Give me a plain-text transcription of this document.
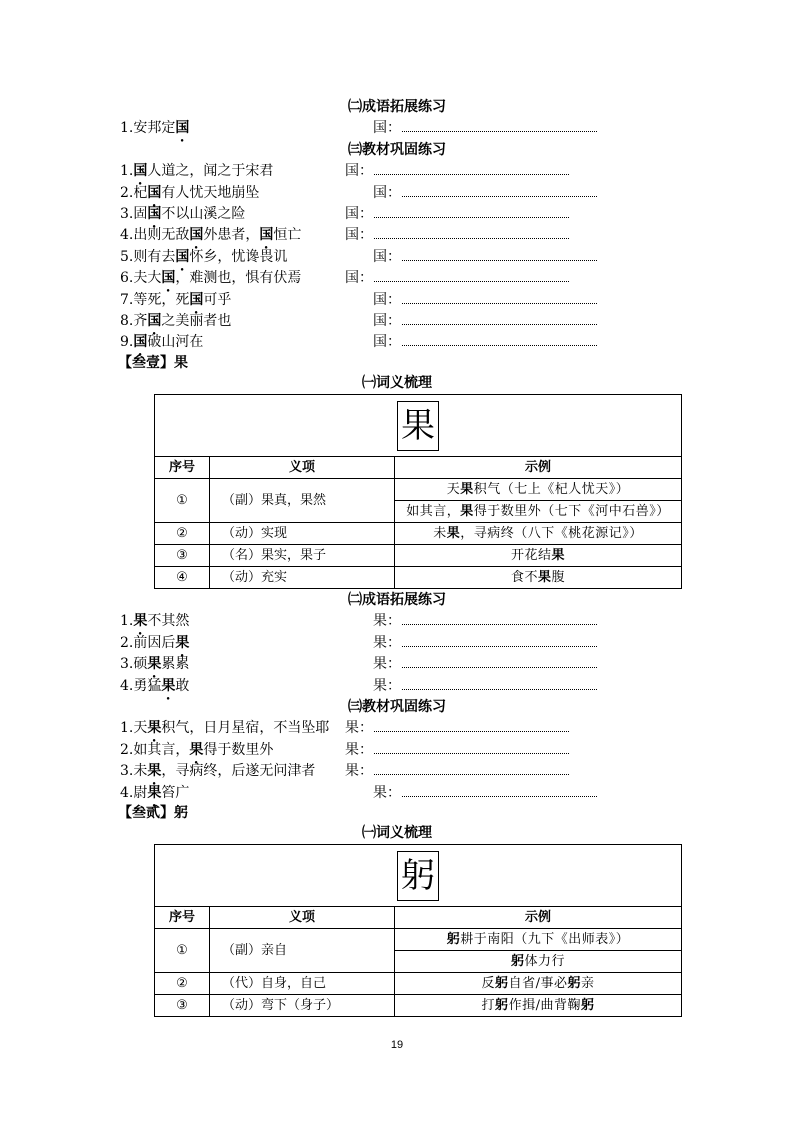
㈡成语拓展练习
1.安邦定国	国：
㈢教材巩固练习
1.国人道之，闻之于宋君	国：
2.杞国有人忧天地崩坠	国：
3.固国不以山溪之险	国：
4.出则无敌国外患者，国恒亡	国：
5.则有去国怀乡，忧谗畏讥	国：
6.夫大国，难测也，惧有伏焉	国：
7.等死，死国可乎	国：
8.齐国之美丽者也	国：
9.国破山河在	国：
【叁壹】果
㈠词义梳理
果		
序号	义项	示例
①	（副）果真，果然	天果积气（七上《杞人忧天》）
		如其言，果得于数里外（七下《河中石兽》）
②	（动）实现	未果，寻病终（八下《桃花源记》）
③	（名）果实，果子	开花结果
④	（动）充实	食不果腹
㈡成语拓展练习
1.果不其然	果：
2.前因后果	果：
3.硕果累累	果：
4.勇猛果敢	果：
㈢教材巩固练习
1.天果积气，日月星宿，不当坠耶 果：
2.如其言，果得于数里外	果：
3.未果，寻病终，后遂无问津者 果：
4.尉果笞广	果：
【叁贰】躬
㈠词义梳理
躬		
序号	义项	示例
①	（副）亲自	躬耕于南阳（九下《出师表》）
		躬体力行
②	（代）自身，自己	反躬自省/事必躬亲
③	（动）弯下（身子）	打躬作揖/曲背鞠躬
19
